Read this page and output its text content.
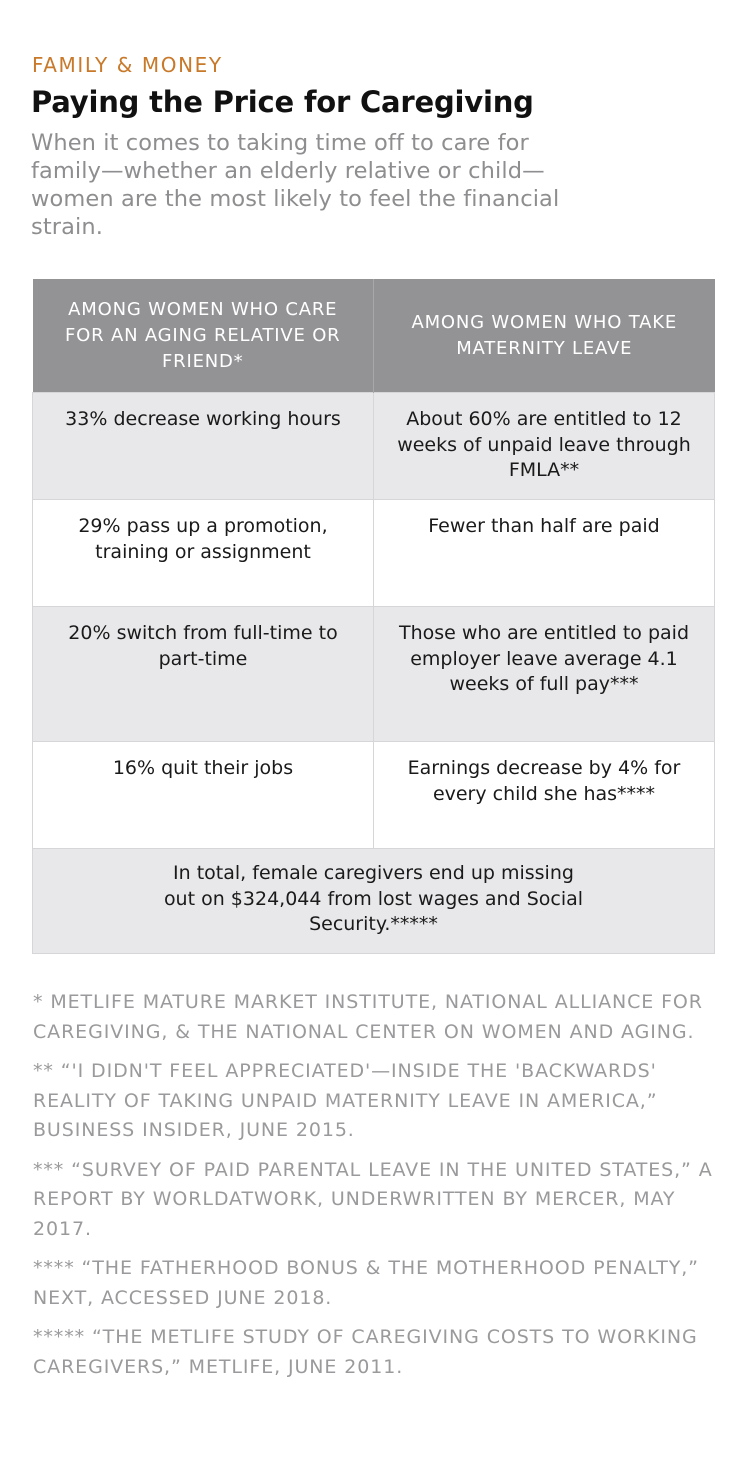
FAMILY & MONEY
Paying the Price for Caregiving

When it comes to taking time off to care for family—whether an elderly relative or child—women are the most likely to feel the financial strain.

AMONG WOMEN WHO CARE FOR AN AGING RELATIVE OR FRIEND*	AMONG WOMEN WHO TAKE MATERNITY LEAVE
33% decrease working hours	About 60% are entitled to 12 weeks of unpaid leave through FMLA**
29% pass up a promotion, training or assignment	Fewer than half are paid
20% switch from full-time to part-time	Those who are entitled to paid employer leave average 4.1 weeks of full pay***
16% quit their jobs	Earnings decrease by 4% for every child she has****
In total, female caregivers end up missing out on $324,044 from lost wages and Social Security.*****	

* METLIFE MATURE MARKET INSTITUTE, NATIONAL ALLIANCE FOR CAREGIVING, & THE NATIONAL CENTER ON WOMEN AND AGING.

** “'I DIDN'T FEEL APPRECIATED'—INSIDE THE 'BACKWARDS' REALITY OF TAKING UNPAID MATERNITY LEAVE IN AMERICA,” BUSINESS INSIDER, JUNE 2015.

*** “SURVEY OF PAID PARENTAL LEAVE IN THE UNITED STATES,” A REPORT BY WORLDATWORK, UNDERWRITTEN BY MERCER, MAY 2017.

**** “THE FATHERHOOD BONUS & THE MOTHERHOOD PENALTY,” NEXT, ACCESSED JUNE 2018.

***** “THE METLIFE STUDY OF CAREGIVING COSTS TO WORKING CAREGIVERS,” METLIFE, JUNE 2011.
